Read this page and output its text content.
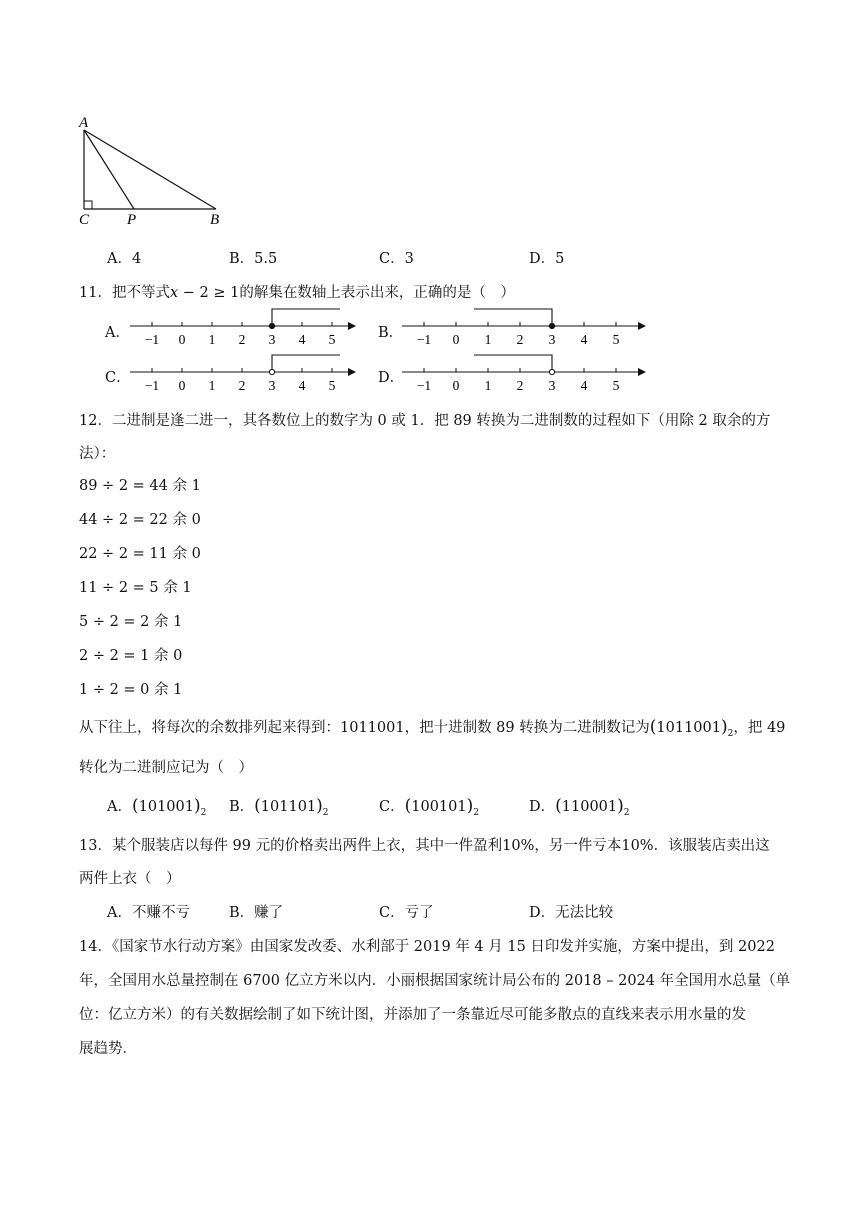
A
C	P	B
A．4	B．5.5	C．3	D．5
11．把不等式x − 2 ≥ 1的解集在数轴上表示出来，正确的是（　）
A．	B．
C．	D．
−1 0 1 2 3 4 5	−1 0 1 2 3 4 5
−1 0 1 2 3 4 5	−1 0 1 2 3 4 5
12．二进制是逢二进一，其各数位上的数字为 0 或 1．把 89 转换为二进制数的过程如下（用除 2 取余的方
法）：
89 ÷ 2 = 44 余 1
44 ÷ 2 = 22 余 0
22 ÷ 2 = 11 余 0
11 ÷ 2 = 5 余 1
5 ÷ 2 = 2 余 1
2 ÷ 2 = 1 余 0
1 ÷ 2 = 0 余 1
从下往上，将每次的余数排列起来得到：1011001，把十进制数 89 转换为二进制数记为$(1011001)_2$，把 49
转化为二进制应记为（　）
A．$(101001)_2$ B．$(101101)_2$	C．$(100101)_2$	D．$(110001)_2$
13．某个服装店以每件 99 元的价格卖出两件上衣，其中一件盈利10%，另一件亏本10%．该服装店卖出这
两件上衣（　）
A．不赚不亏	B．赚了	C．亏了	D．无法比较
14．《国家节水行动方案》由国家发改委、水利部于 2019 年 4 月 15 日印发并实施，方案中提出，到 2022
年，全国用水总量控制在 6700 亿立方米以内．小丽根据国家统计局公布的 2018 – 2024 年全国用水总量（单
位：亿立方米）的有关数据绘制了如下统计图，并添加了一条靠近尽可能多散点的直线来表示用水量的发
展趋势．
